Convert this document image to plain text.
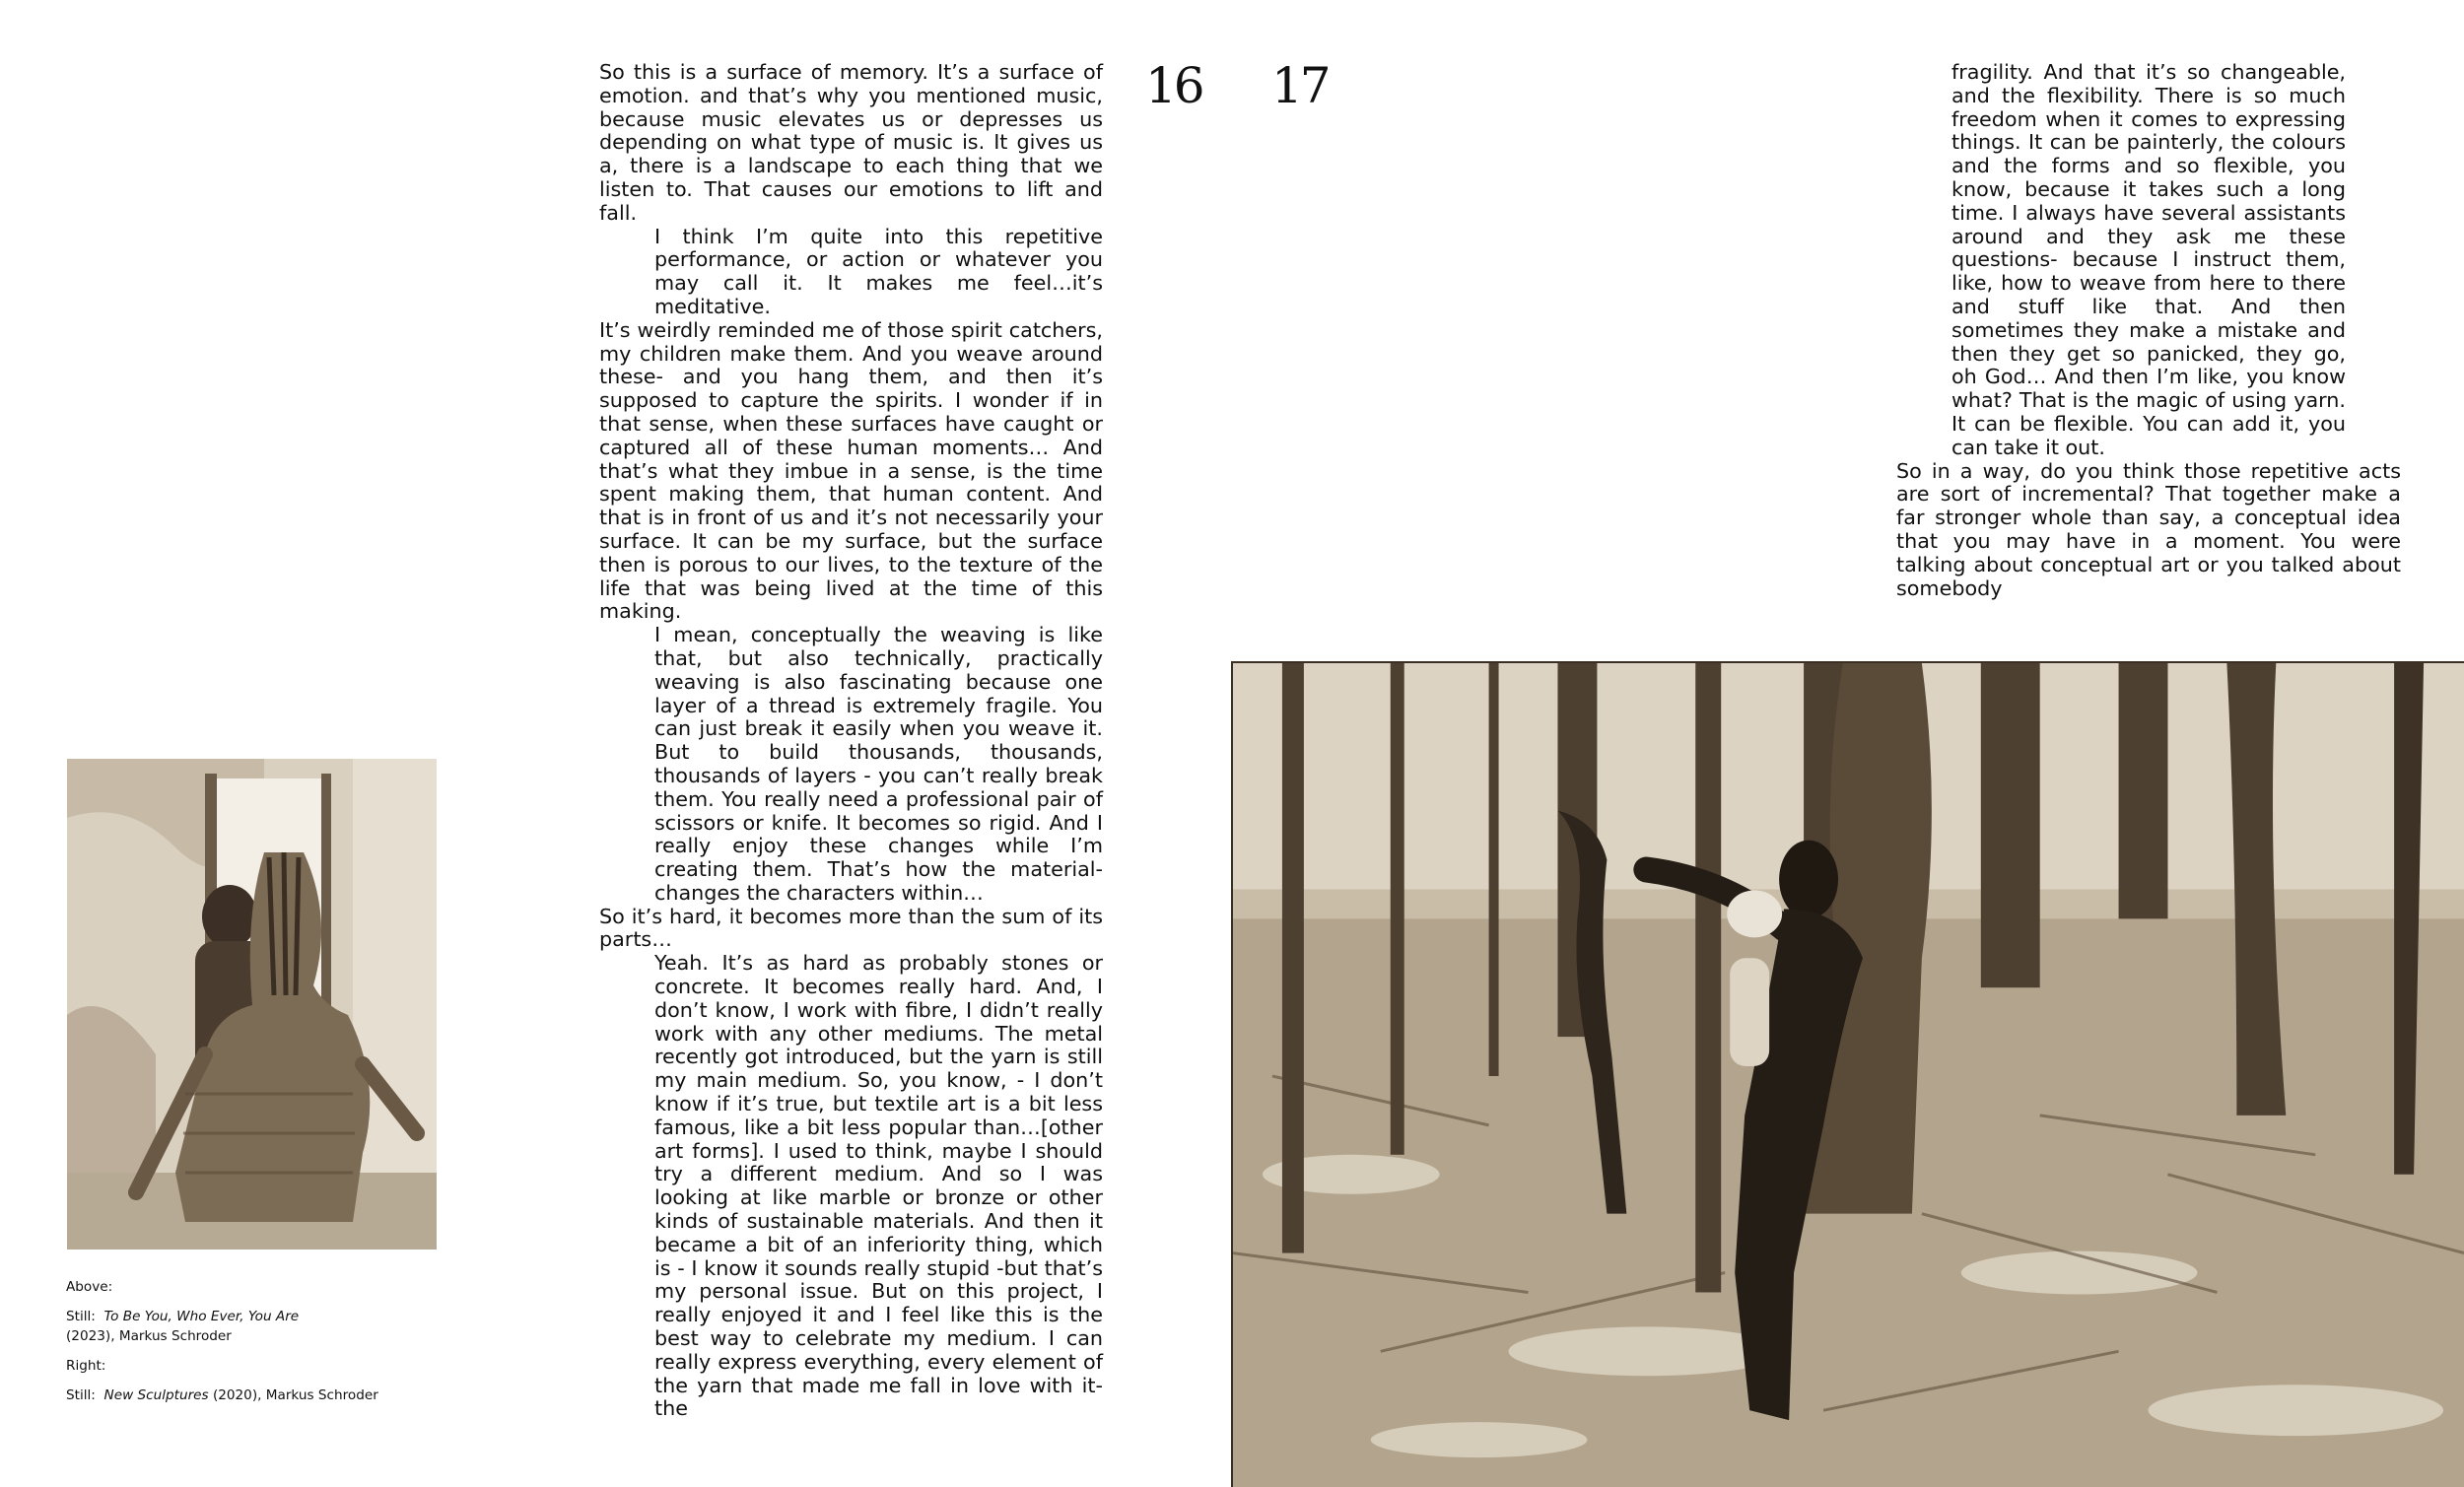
16 17

Above:

Still: To Be You, Who Ever, You Are
(2023), Markus Schroder

Right:

Still: New Sculptures (2020), Markus Schroder

So this is a surface of memory. It’s a surface of emotion. and that’s why you mentioned music, because music elevates us or depresses us depending on what type of music is. It gives us a, there is a landscape to each thing that we listen to. That causes our emotions to lift and fall.

I think I’m quite into this repetitive performance, or action or whatever you may call it. It makes me feel…it’s meditative.

It’s weirdly reminded me of those spirit catchers, my children make them. And you weave around these- and you hang them, and then it’s supposed to capture the spirits. I wonder if in that sense, when these surfaces have caught or captured all of these human moments… And that’s what they imbue in a sense, is the time spent making them, that human content. And that is in front of us and it’s not necessarily your surface. It can be my surface, but the surface then is porous to our lives, to the texture of the life that was being lived at the time of this making.

I mean, conceptually the weaving is like that, but also technically, practically weaving is also fascinating because one layer of a thread is extremely fragile. You can just break it easily when you weave it. But to build thousands, thousands, thousands of layers - you can’t really break them. You really need a professional pair of scissors or knife. It becomes so rigid. And I really enjoy these changes while I’m creating them. That’s how the material- changes the characters within…

So it’s hard, it becomes more than the sum of its parts…

Yeah. It’s as hard as probably stones or concrete. It becomes really hard. And, I don’t know, I work with fibre, I didn’t really work with any other mediums. The metal recently got introduced, but the yarn is still my main medium. So, you know, - I don’t know if it’s true, but textile art is a bit less famous, like a bit less popular than…[other art forms]. I used to think, maybe I should try a different medium. And so I was looking at like marble or bronze or other kinds of sustainable materials. And then it became a bit of an inferiority thing, which is - I know it sounds really stupid -but that’s my personal issue. But on this project, I really enjoyed it and I feel like this is the best way to celebrate my medium. I can really express everything, every element of the yarn that made me fall in love with it- the

fragility. And that it’s so changeable, and the flexibility. There is so much freedom when it comes to expressing things. It can be painterly, the colours and the forms and so flexible, you know, because it takes such a long time. I always have several assistants around and they ask me these questions- because I instruct them, like, how to weave from here to there and stuff like that. And then sometimes they make a mistake and then they get so panicked, they go, oh God… And then I’m like, you know what? That is the magic of using yarn. It can be flexible. You can add it, you can take it out.

So in a way, do you think those repetitive acts are sort of incremental? That together make a far stronger whole than say, a conceptual idea that you may have in a moment. You were talking about conceptual art or you talked about somebody
